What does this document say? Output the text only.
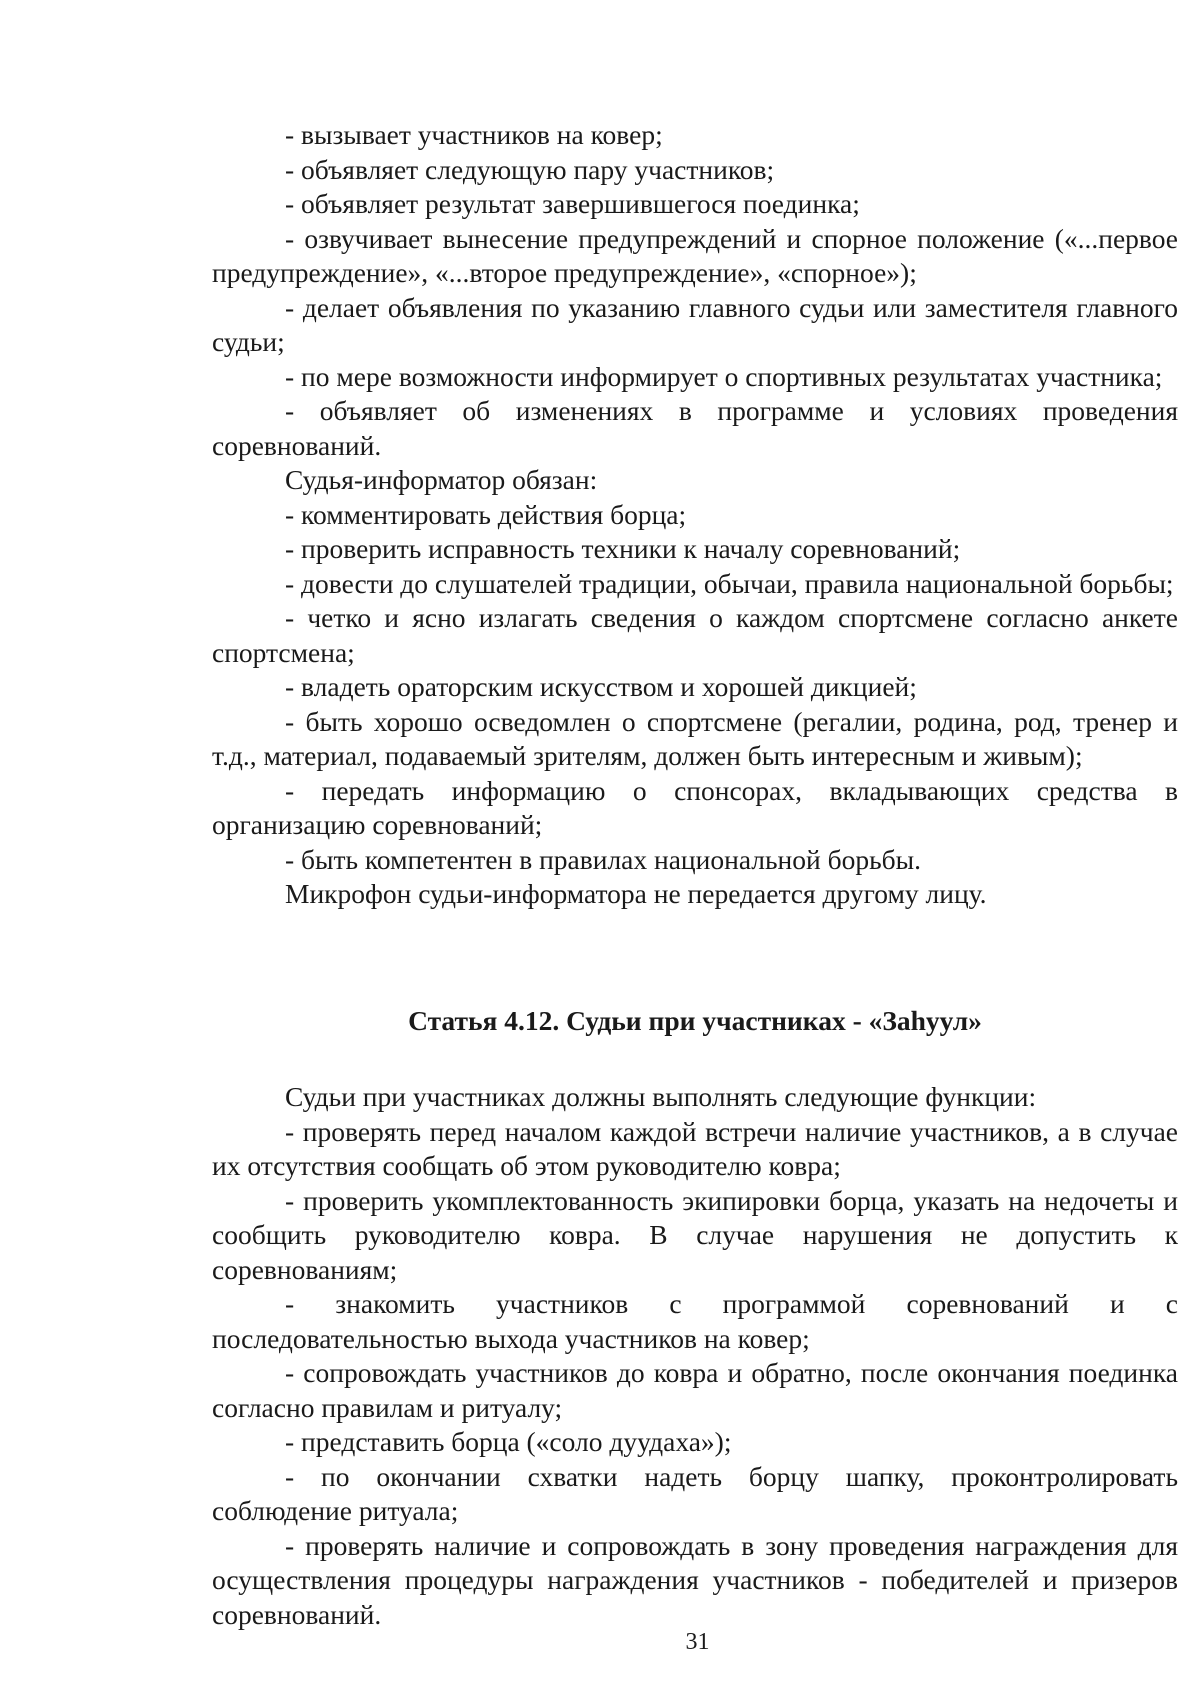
- вызывает участников на ковер;

- объявляет следующую пару участников;

- объявляет результат завершившегося поединка;

- озвучивает вынесение предупреждений и спорное положение («...первое предупреждение», «...второе предупреждение», «спорное»);

- делает объявления по указанию главного судьи или заместителя главного судьи;

- по мере возможности информирует о спортивных результатах участника;

- объявляет об изменениях в программе и условиях проведения соревнований.

Судья-информатор обязан:

- комментировать действия борца;

- проверить исправность техники к началу соревнований;

- довести до слушателей традиции, обычаи, правила национальной борьбы;

- четко и ясно излагать сведения о каждом спортсмене согласно анкете спортсмена;

- владеть ораторским искусством и хорошей дикцией;

- быть хорошо осведомлен о спортсмене (регалии, родина, род, тренер и т.д., материал, подаваемый зрителям, должен быть интересным и живым);

- передать информацию о спонсорах, вкладывающих средства в организацию соревнований;

- быть компетентен в правилах национальной борьбы.

Микрофон судьи-информатора не передается другому лицу.

Статья 4.12. Судьи при участниках - «Заһуул»

Судьи при участниках должны выполнять следующие функции:

- проверять перед началом каждой встречи наличие участников, а в случае их отсутствия сообщать об этом руководителю ковра;

- проверить укомплектованность экипировки борца, указать на недочеты и сообщить руководителю ковра. В случае нарушения не допустить к соревнованиям;

- знакомить участников с программой соревнований и с последовательностью выхода участников на ковер;

- сопровождать участников до ковра и обратно, после окончания поединка согласно правилам и ритуалу;

- представить борца («соло дуудаха»);

- по окончании схватки надеть борцу шапку, проконтролировать соблюдение ритуала;

- проверять наличие и сопровождать в зону проведения награждения для осуществления процедуры награждения участников - победителей и призеров соревнований.

31
